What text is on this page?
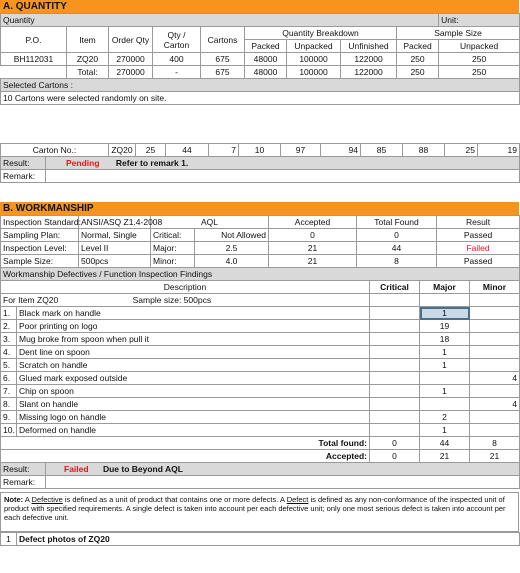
A. QUANTITY
Quantity									Unit:
P.O.	Item	Order Qty	Qty / Carton	Cartons	Quantity Breakdown			Sample Size	
					Packed	Unpacked	Unfinished	Packed	Unpacked
BH112031	ZQ20	270000	400	675	48000	100000	122000	250	250
	Total:	270000	-	675	48000	100000	122000	250	250
Selected Cartons :									
10 Cartons were selected randomly on site.									
Carton No.:	ZQ20	25	44	7	10	97	94	85	88	25	19
Result:	Pending Refer to remark 1.
Remark:	
B. WORKMANSHIP
Inspection Standard:	ANSI/ASQ Z1.4-2008	AQL		Accepted	Total Found	Result
Sampling Plan:	Normal, Single	Critical:	Not Allowed	0	0	Passed
Inspection Level:	Level II	Major:	2.5	21	44	Failed
Sample Size:	500pcs	Minor:	4.0	21	8	Passed
Workmanship Defectives / Function Inspection Findings				
Description		Critical	Major	Minor
For Item ZQ20 Sample size: 500pcs				
1.	Black mark on handle		1	
2.	Poor printing on logo		19	
3.	Mug broke from spoon when pull it		18	
4.	Dent line on spoon		1	
5.	Scratch on handle		1	
6.	Glued mark exposed outside			4
7.	Chip on spoon		1	
8.	Slant on handle			4
9.	Missing logo on handle		2	
10.	Deformed on handle		1	
Total found:		0	44	8
Accepted:		0	21	21
Sample size:		500	500	315
Result:	Failed Due to Beyond AQL
Remark:	
Note: A Defective is defined as a unit of product that contains one or more defects. A Defect is defined as any non-conformance of the inspected unit of product with specified requirements. A single defect is taken into account per each defective unit; only one most serious defect is taken into account per each defective unit.
1	Defect photos of ZQ20
